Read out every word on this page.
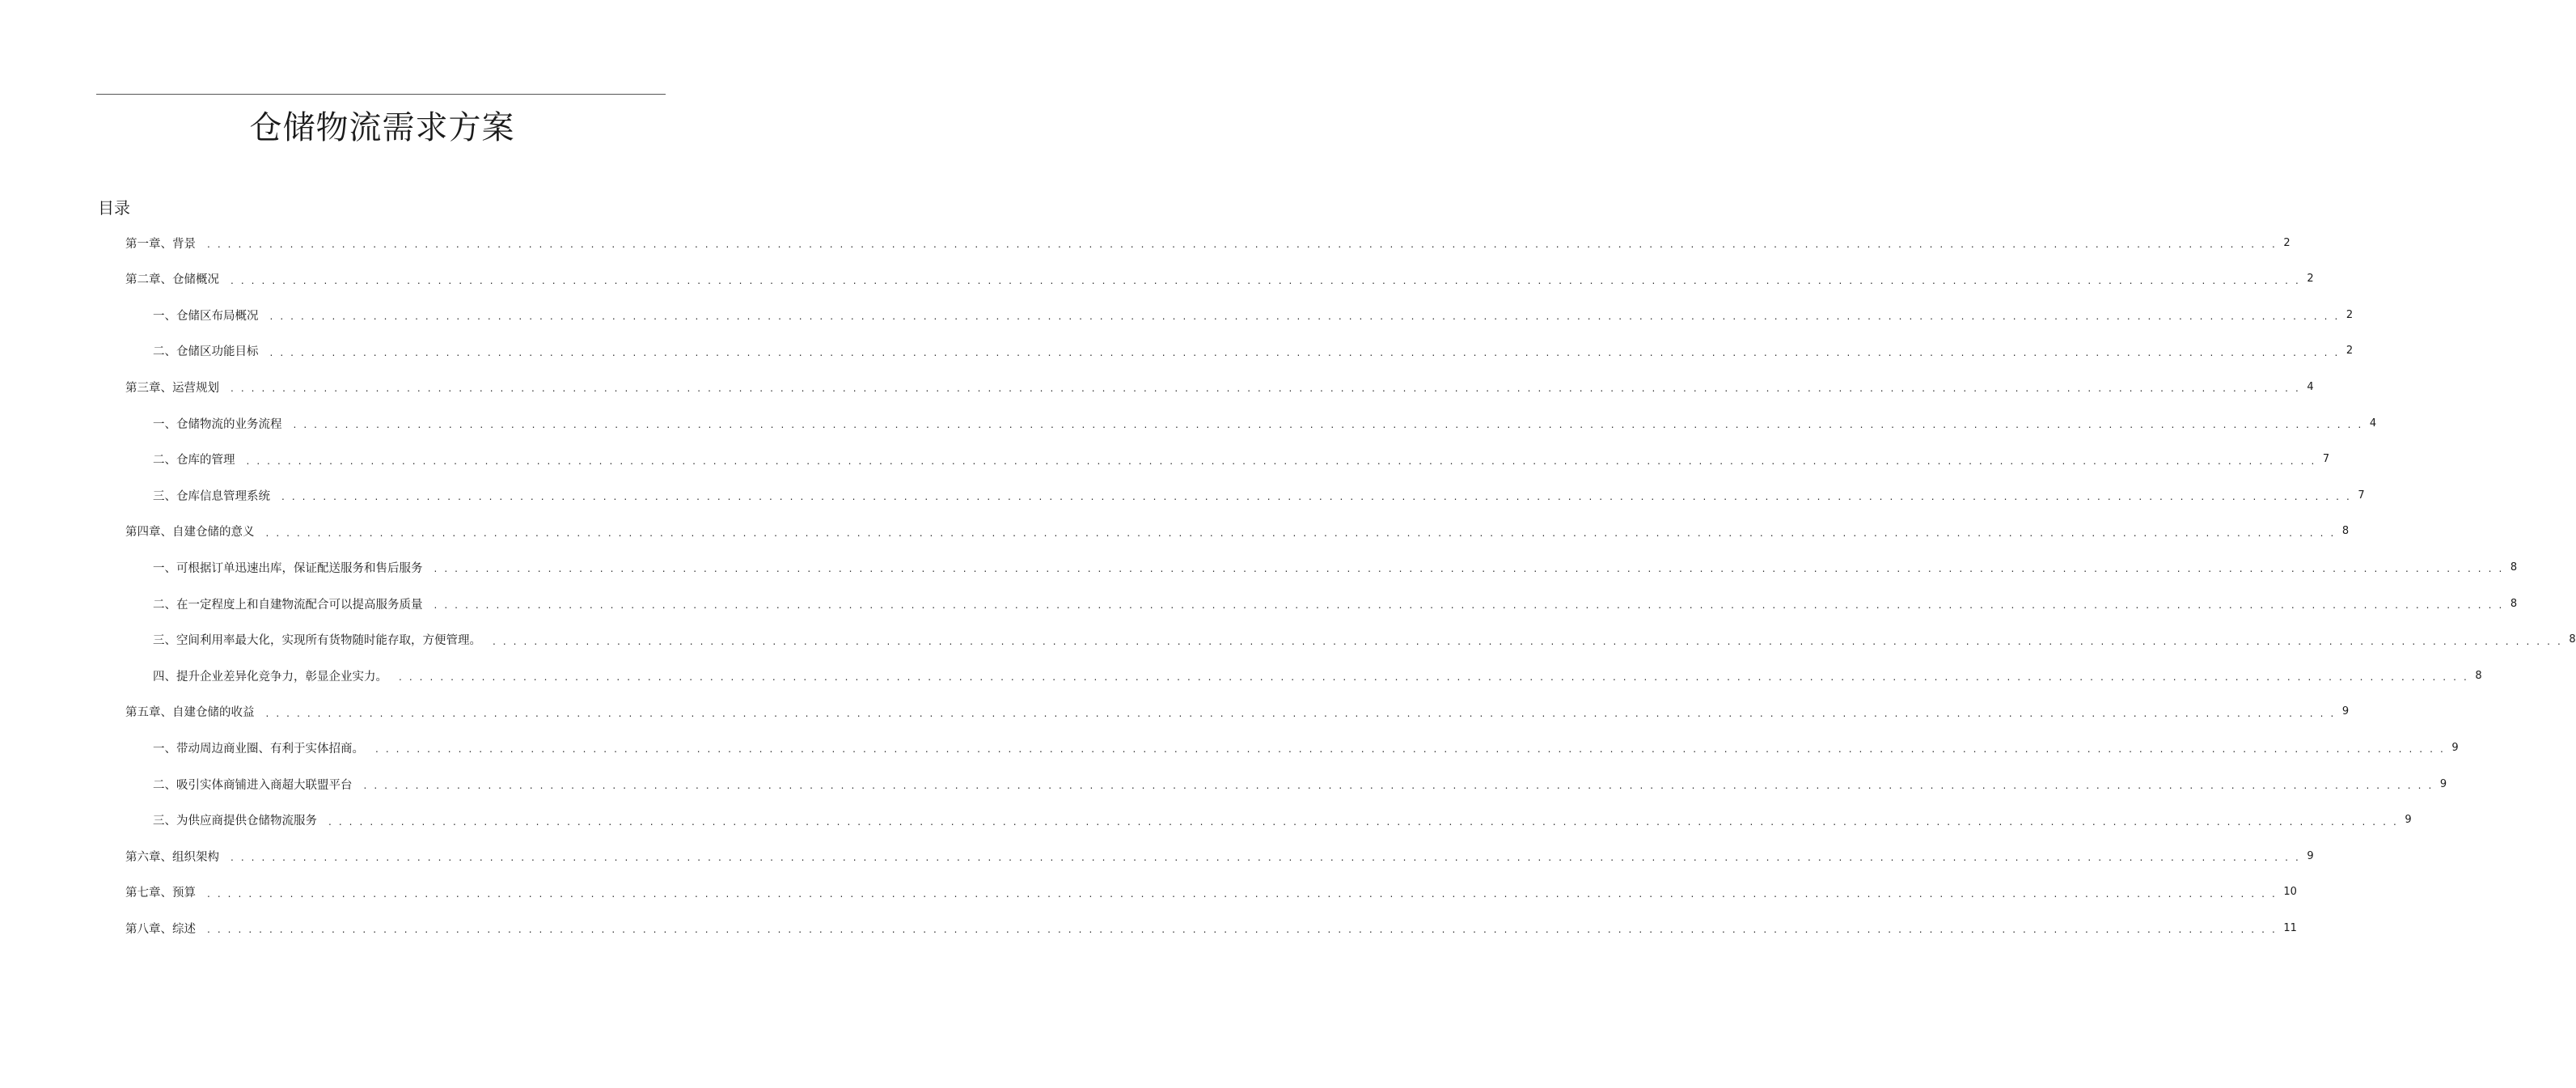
仓储物流需求方案
目录
第一章、背景 . . . . . . . . . . . . . . . . . . . . . . . . . . . . . . . . . . . . . . . . . . . . . . . . . . . . . . . . . . . . . . . . . . . . . . . . . . . . . . . . . . . . . . . . . . . . . . . . . . . . . . . . . . . . . . . . . . . . . . . . . . . . . . . . . . . . . . . . . . . . . . . . . . . . . . . . . . . . . . . . . . . . . . . . . . . . . . . . . . . . . . . . . . . . . . . . . . . . . . . . 2
第二章、仓储概况 . . . . . . . . . . . . . . . . . . . . . . . . . . . . . . . . . . . . . . . . . . . . . . . . . . . . . . . . . . . . . . . . . . . . . . . . . . . . . . . . . . . . . . . . . . . . . . . . . . . . . . . . . . . . . . . . . . . . . . . . . . . . . . . . . . . . . . . . . . . . . . . . . . . . . . . . . . . . . . . . . . . . . . . . . . . . . . . . . . . . . . . . . . . . . . . . . . . . . . . . 2
一、仓储区布局概况 . . . . . . . . . . . . . . . . . . . . . . . . . . . . . . . . . . . . . . . . . . . . . . . . . . . . . . . . . . . . . . . . . . . . . . . . . . . . . . . . . . . . . . . . . . . . . . . . . . . . . . . . . . . . . . . . . . . . . . . . . . . . . . . . . . . . . . . . . . . . . . . . . . . . . . . . . . . . . . . . . . . . . . . . . . . . . . . . . . . . . . . . . . . . . . . . . . . . . . . . 2
二、仓储区功能目标 . . . . . . . . . . . . . . . . . . . . . . . . . . . . . . . . . . . . . . . . . . . . . . . . . . . . . . . . . . . . . . . . . . . . . . . . . . . . . . . . . . . . . . . . . . . . . . . . . . . . . . . . . . . . . . . . . . . . . . . . . . . . . . . . . . . . . . . . . . . . . . . . . . . . . . . . . . . . . . . . . . . . . . . . . . . . . . . . . . . . . . . . . . . . . . . . . . . . . . . . 2
第三章、运营规划 . . . . . . . . . . . . . . . . . . . . . . . . . . . . . . . . . . . . . . . . . . . . . . . . . . . . . . . . . . . . . . . . . . . . . . . . . . . . . . . . . . . . . . . . . . . . . . . . . . . . . . . . . . . . . . . . . . . . . . . . . . . . . . . . . . . . . . . . . . . . . . . . . . . . . . . . . . . . . . . . . . . . . . . . . . . . . . . . . . . . . . . . . . . . . . . . . . . . . . . . 4
一、仓储物流的业务流程 . . . . . . . . . . . . . . . . . . . . . . . . . . . . . . . . . . . . . . . . . . . . . . . . . . . . . . . . . . . . . . . . . . . . . . . . . . . . . . . . . . . . . . . . . . . . . . . . . . . . . . . . . . . . . . . . . . . . . . . . . . . . . . . . . . . . . . . . . . . . . . . . . . . . . . . . . . . . . . . . . . . . . . . . . . . . . . . . . . . . . . . . . . . . . . . . . . . . . . . . 4
二、仓库的管理 . . . . . . . . . . . . . . . . . . . . . . . . . . . . . . . . . . . . . . . . . . . . . . . . . . . . . . . . . . . . . . . . . . . . . . . . . . . . . . . . . . . . . . . . . . . . . . . . . . . . . . . . . . . . . . . . . . . . . . . . . . . . . . . . . . . . . . . . . . . . . . . . . . . . . . . . . . . . . . . . . . . . . . . . . . . . . . . . . . . . . . . . . . . . . . . . . . . . . . . . 7
三、仓库信息管理系统 . . . . . . . . . . . . . . . . . . . . . . . . . . . . . . . . . . . . . . . . . . . . . . . . . . . . . . . . . . . . . . . . . . . . . . . . . . . . . . . . . . . . . . . . . . . . . . . . . . . . . . . . . . . . . . . . . . . . . . . . . . . . . . . . . . . . . . . . . . . . . . . . . . . . . . . . . . . . . . . . . . . . . . . . . . . . . . . . . . . . . . . . . . . . . . . . . . . . . . . . 7
第四章、自建仓储的意义 . . . . . . . . . . . . . . . . . . . . . . . . . . . . . . . . . . . . . . . . . . . . . . . . . . . . . . . . . . . . . . . . . . . . . . . . . . . . . . . . . . . . . . . . . . . . . . . . . . . . . . . . . . . . . . . . . . . . . . . . . . . . . . . . . . . . . . . . . . . . . . . . . . . . . . . . . . . . . . . . . . . . . . . . . . . . . . . . . . . . . . . . . . . . . . . . . . . . . . . . 8
一、可根据订单迅速出库，保证配送服务和售后服务 . . . . . . . . . . . . . . . . . . . . . . . . . . . . . . . . . . . . . . . . . . . . . . . . . . . . . . . . . . . . . . . . . . . . . . . . . . . . . . . . . . . . . . . . . . . . . . . . . . . . . . . . . . . . . . . . . . . . . . . . . . . . . . . . . . . . . . . . . . . . . . . . . . . . . . . . . . . . . . . . . . . . . . . . . . . . . . . . . . . . . . . . . . . . . . . . . . . . . . . . 8
二、在一定程度上和自建物流配合可以提高服务质量 . . . . . . . . . . . . . . . . . . . . . . . . . . . . . . . . . . . . . . . . . . . . . . . . . . . . . . . . . . . . . . . . . . . . . . . . . . . . . . . . . . . . . . . . . . . . . . . . . . . . . . . . . . . . . . . . . . . . . . . . . . . . . . . . . . . . . . . . . . . . . . . . . . . . . . . . . . . . . . . . . . . . . . . . . . . . . . . . . . . . . . . . . . . . . . . . . . . . . . . . 8
三、空间利用率最大化，实现所有货物随时能存取，方便管理。 . . . . . . . . . . . . . . . . . . . . . . . . . . . . . . . . . . . . . . . . . . . . . . . . . . . . . . . . . . . . . . . . . . . . . . . . . . . . . . . . . . . . . . . . . . . . . . . . . . . . . . . . . . . . . . . . . . . . . . . . . . . . . . . . . . . . . . . . . . . . . . . . . . . . . . . . . . . . . . . . . . . . . . . . . . . . . . . . . . . . . . . . . . . . . . . . . . . . . . . . 8
四、提升企业差异化竞争力，彰显企业实力。 . . . . . . . . . . . . . . . . . . . . . . . . . . . . . . . . . . . . . . . . . . . . . . . . . . . . . . . . . . . . . . . . . . . . . . . . . . . . . . . . . . . . . . . . . . . . . . . . . . . . . . . . . . . . . . . . . . . . . . . . . . . . . . . . . . . . . . . . . . . . . . . . . . . . . . . . . . . . . . . . . . . . . . . . . . . . . . . . . . . . . . . . . . . . . . . . . . . . . . . . 8
第五章、自建仓储的收益 . . . . . . . . . . . . . . . . . . . . . . . . . . . . . . . . . . . . . . . . . . . . . . . . . . . . . . . . . . . . . . . . . . . . . . . . . . . . . . . . . . . . . . . . . . . . . . . . . . . . . . . . . . . . . . . . . . . . . . . . . . . . . . . . . . . . . . . . . . . . . . . . . . . . . . . . . . . . . . . . . . . . . . . . . . . . . . . . . . . . . . . . . . . . . . . . . . . . . . . . 9
一、带动周边商业圈、有利于实体招商。 . . . . . . . . . . . . . . . . . . . . . . . . . . . . . . . . . . . . . . . . . . . . . . . . . . . . . . . . . . . . . . . . . . . . . . . . . . . . . . . . . . . . . . . . . . . . . . . . . . . . . . . . . . . . . . . . . . . . . . . . . . . . . . . . . . . . . . . . . . . . . . . . . . . . . . . . . . . . . . . . . . . . . . . . . . . . . . . . . . . . . . . . . . . . . . . . . . . . . . . . 9
二、吸引实体商铺进入商超大联盟平台 . . . . . . . . . . . . . . . . . . . . . . . . . . . . . . . . . . . . . . . . . . . . . . . . . . . . . . . . . . . . . . . . . . . . . . . . . . . . . . . . . . . . . . . . . . . . . . . . . . . . . . . . . . . . . . . . . . . . . . . . . . . . . . . . . . . . . . . . . . . . . . . . . . . . . . . . . . . . . . . . . . . . . . . . . . . . . . . . . . . . . . . . . . . . . . . . . . . . . . . . 9
三、为供应商提供仓储物流服务 . . . . . . . . . . . . . . . . . . . . . . . . . . . . . . . . . . . . . . . . . . . . . . . . . . . . . . . . . . . . . . . . . . . . . . . . . . . . . . . . . . . . . . . . . . . . . . . . . . . . . . . . . . . . . . . . . . . . . . . . . . . . . . . . . . . . . . . . . . . . . . . . . . . . . . . . . . . . . . . . . . . . . . . . . . . . . . . . . . . . . . . . . . . . . . . . . . . . . . . . 9
第六章、组织架构 . . . . . . . . . . . . . . . . . . . . . . . . . . . . . . . . . . . . . . . . . . . . . . . . . . . . . . . . . . . . . . . . . . . . . . . . . . . . . . . . . . . . . . . . . . . . . . . . . . . . . . . . . . . . . . . . . . . . . . . . . . . . . . . . . . . . . . . . . . . . . . . . . . . . . . . . . . . . . . . . . . . . . . . . . . . . . . . . . . . . . . . . . . . . . . . . . . . . . . . . 9
第七章、预算 . . . . . . . . . . . . . . . . . . . . . . . . . . . . . . . . . . . . . . . . . . . . . . . . . . . . . . . . . . . . . . . . . . . . . . . . . . . . . . . . . . . . . . . . . . . . . . . . . . . . . . . . . . . . . . . . . . . . . . . . . . . . . . . . . . . . . . . . . . . . . . . . . . . . . . . . . . . . . . . . . . . . . . . . . . . . . . . . . . . . . . . . . . . . . . . . . . . . . . . . 10
第八章、综述 . . . . . . . . . . . . . . . . . . . . . . . . . . . . . . . . . . . . . . . . . . . . . . . . . . . . . . . . . . . . . . . . . . . . . . . . . . . . . . . . . . . . . . . . . . . . . . . . . . . . . . . . . . . . . . . . . . . . . . . . . . . . . . . . . . . . . . . . . . . . . . . . . . . . . . . . . . . . . . . . . . . . . . . . . . . . . . . . . . . . . . . . . . . . . . . . . . . . . . . . 11
